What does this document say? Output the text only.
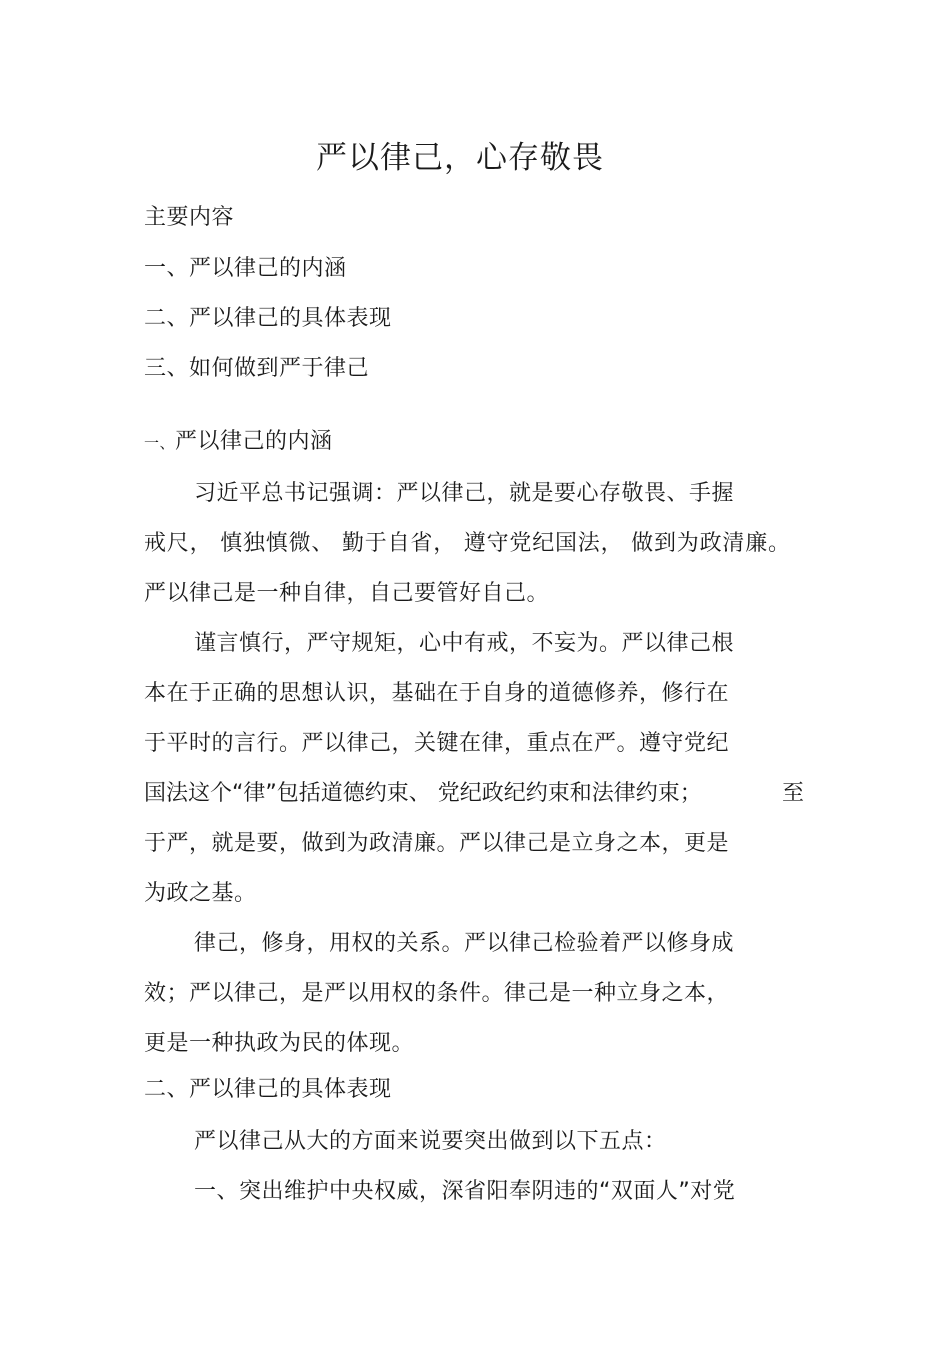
严以律己，心存敬畏
主要内容
一、严以律己的内涵
二、严以律己的具体表现
三、如何做到严于律己
一、严以律己的内涵
习近平总书记强调：严以律己，就是要心存敬畏、手握
戒尺， 慎独慎微、 勤于自省， 遵守党纪国法， 做到为政清廉。
严以律己是一种自律，自己要管好自己。
谨言慎行，严守规矩，心中有戒，不妄为。严以律己根
本在于正确的思想认识，基础在于自身的道德修养，修行在
于平时的言行。严以律己，关键在律，重点在严。遵守党纪
国法这个“律”包括道德约束、 党纪政纪约束和法律约束；	至
于严，就是要，做到为政清廉。严以律己是立身之本，更是
为政之基。
律己，修身，用权的关系。严以律己检验着严以修身成
效；严以律己，是严以用权的条件。律己是一种立身之本，
更是一种执政为民的体现。
二、严以律己的具体表现
严以律己从大的方面来说要突出做到以下五点：
一、突出维护中央权威，深省阳奉阴违的“双面人”对党
